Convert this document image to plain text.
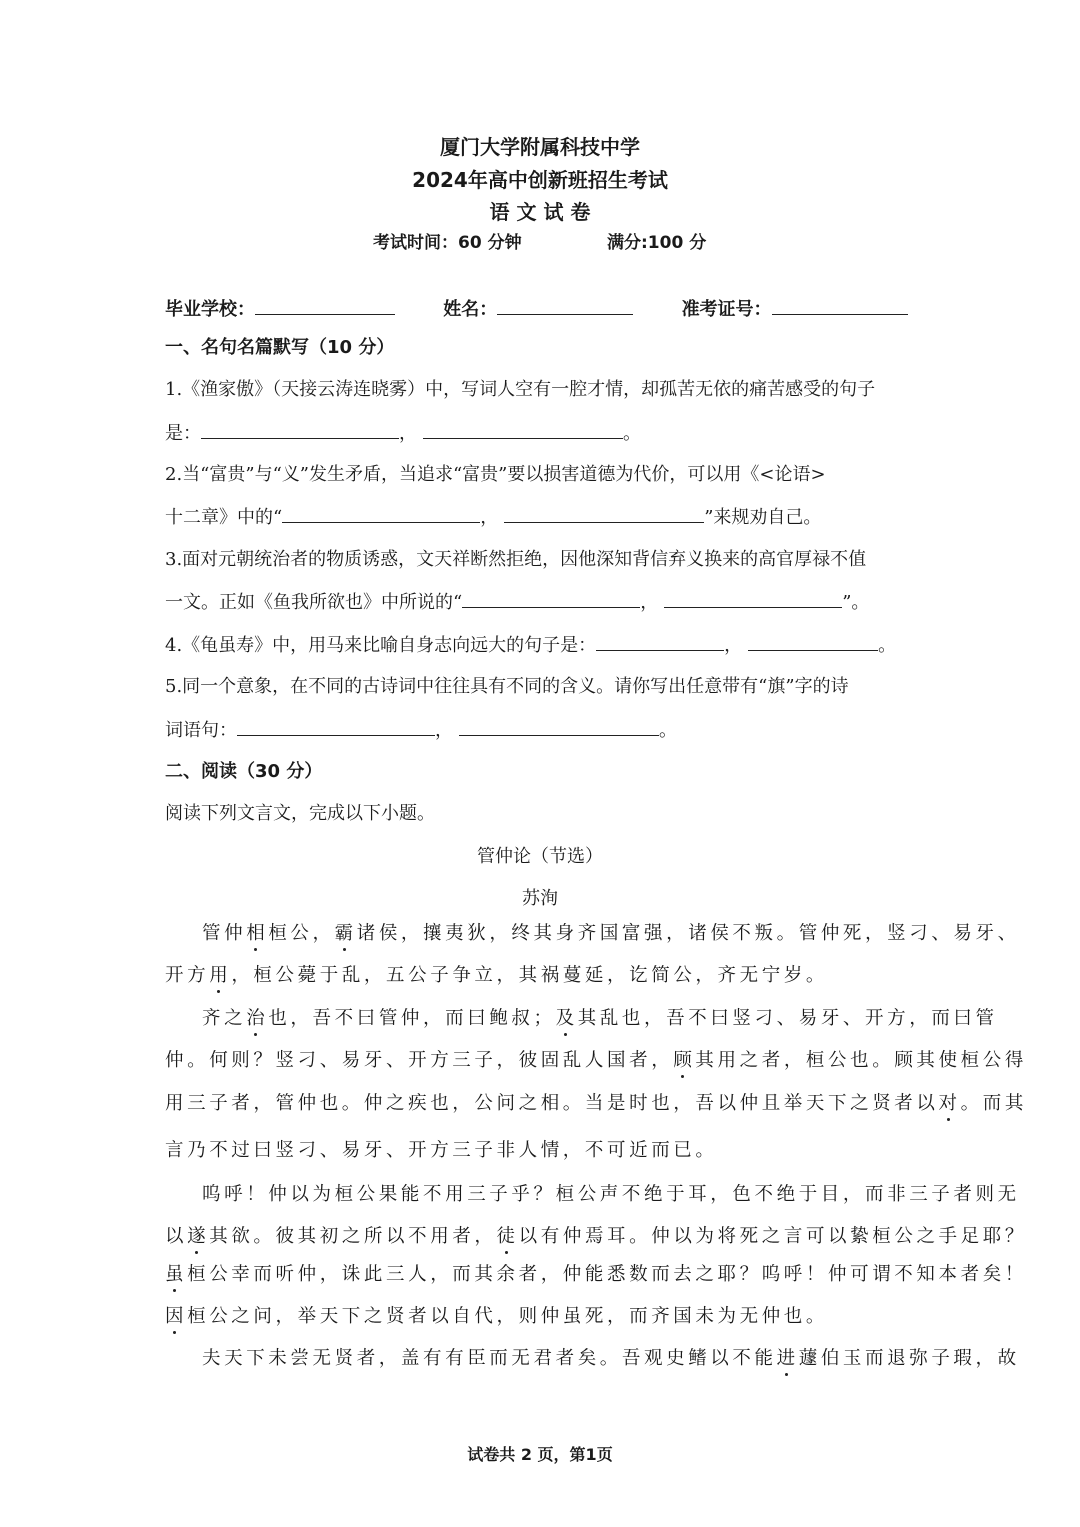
厦门大学附属科技中学
2024年高中创新班招生考试
语 文 试 卷
考试时间：60 分钟	满分:100 分
毕业学校：	姓名：	准考证号：
一、名句名篇默写（10 分）
1.《渔家傲》（天接云涛连晓雾）中，写词人空有一腔才情，却孤苦无依的痛苦感受的句子
是：	，	。
2.当“富贵”与“义”发生矛盾，当追求“富贵”要以损害道德为代价，可以用《<论语>
十二章》中的“	，	”来规劝自己。
3.面对元朝统治者的物质诱惑，文天祥断然拒绝，因他深知背信弃义换来的高官厚禄不值
一文。正如《鱼我所欲也》中所说的“	，	”。
4.《龟虽寿》中，用马来比喻自身志向远大的句子是：	，	。
5.同一个意象，在不同的古诗词中往往具有不同的含义。请你写出任意带有“旗”字的诗
词语句：	，	。
二、阅读（30 分）
阅读下列文言文，完成以下小题。
管仲论（节选）
苏洵
管仲相桓公，霸诸侯，攘夷狄，终其身齐国富强，诸侯不叛。管仲死，竖刁、易牙、
开方用，桓公薨于乱，五公子争立，其祸蔓延，讫简公，齐无宁岁。
齐之治也，吾不曰管仲，而曰鲍叔；及其乱也，吾不曰竖刁、易牙、开方，而曰管
仲。何则？竖刁、易牙、开方三子，彼固乱人国者，顾其用之者，桓公也。顾其使桓公得
用三子者，管仲也。仲之疾也，公问之相。当是时也，吾以仲且举天下之贤者以对。而其
言乃不过曰竖刁、易牙、开方三子非人情，不可近而已。
呜呼！仲以为桓公果能不用三子乎？桓公声不绝于耳，色不绝于目，而非三子者则无
以遂其欲。彼其初之所以不用者，徒以有仲焉耳。仲以为将死之言可以絷桓公之手足耶？
虽桓公幸而听仲，诛此三人，而其余者，仲能悉数而去之耶？呜呼！仲可谓不知本者矣！
因桓公之问，举天下之贤者以自代，则仲虽死，而齐国未为无仲也。
夫天下未尝无贤者，盖有有臣而无君者矣。吾观史鳍以不能进蘧伯玉而退弥子瑕，故
试卷共 2 页，第1页
